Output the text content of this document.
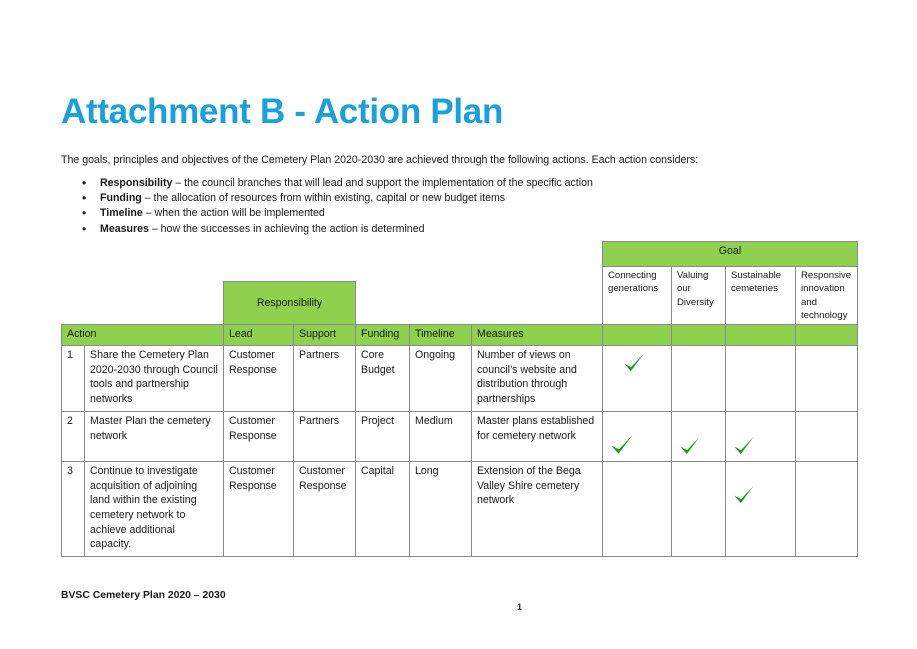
Attachment B - Action Plan
The goals, principles and objectives of the Cemetery Plan 2020-2030 are achieved through the following actions. Each action considers:
• Responsibility – the council branches that will lead and support the implementation of the specific action
• Funding – the allocation of resources from within existing, capital or new budget items
• Timeline – when the action will be implemented
• Measures – how the successes in achieving the action is determined
							Goal			
							Connecting generations	Valuing our Diversity	Sustainable cemeteries	Responsive innovation and technology
		Responsibility								
Action		Lead	Support	Funding	Timeline	Measures				
1	Share the Cemetery Plan 2020-2030 through Council tools and partnership networks	Customer Response	Partners	Core Budget	Ongoing	Number of views on council’s website and distribution through partnerships	

2	Master Plan the cemetery network	Customer Response	Partners	Project	Medium	Master plans established for cemetery network	

3	Continue to investigate acquisition of adjoining land within the existing cemetery network to achieve additional capacity.	Customer Response	Customer Response	Capital	Long	Extension of the Bega Valley Shire cemetery network			

BVSC Cemetery Plan 2020 – 2030
1
